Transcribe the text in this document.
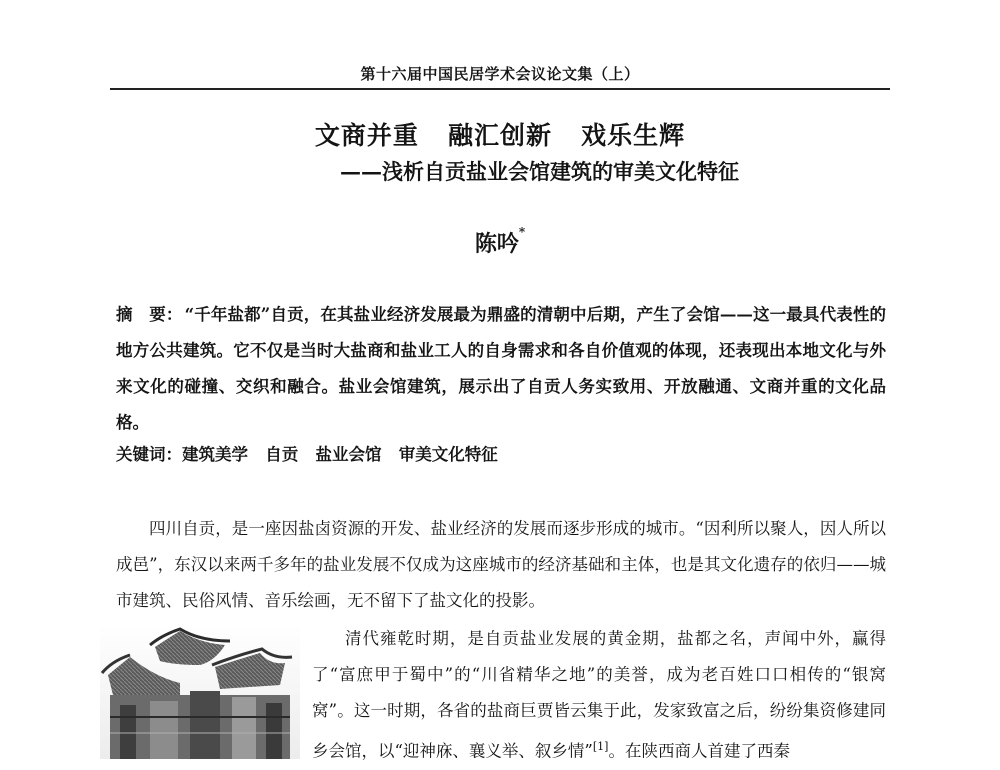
第十六届中国民居学术会议论文集（上）
文商并重   融汇创新   戏乐生辉
——浅析自贡盐业会馆建筑的审美文化特征
陈吟*
摘　要： “千年盐都”自贡，在其盐业经济发展最为鼎盛的清朝中后期，产生了会馆——这一最具代表性的地方公共建筑。它不仅是当时大盐商和盐业工人的自身需求和各自价值观的体现，还表现出本地文化与外来文化的碰撞、交织和融合。盐业会馆建筑，展示出了自贡人务实致用、开放融通、文商并重的文化品格。
关键词：建筑美学   自贡   盐业会馆   审美文化特征
四川自贡，是一座因盐卤资源的开发、盐业经济的发展而逐步形成的城市。“因利所以聚人，因人所以成邑”，东汉以来两千多年的盐业发展不仅成为这座城市的经济基础和主体，也是其文化遗存的依归——城市建筑、民俗风情、音乐绘画，无不留下了盐文化的投影。
清代雍乾时期，是自贡盐业发展的黄金期，盐都之名，声闻中外，赢得了“富庶甲于蜀中”的“川省精华之地”的美誉，成为老百姓口口相传的“银窝窝”。这一时期，各省的盐商巨贾皆云集于此，发家致富之后，纷纷集资修建同乡会馆，以“迎神庥、襄义举、叙乡情”[1]。在陕西商人首建了西秦
